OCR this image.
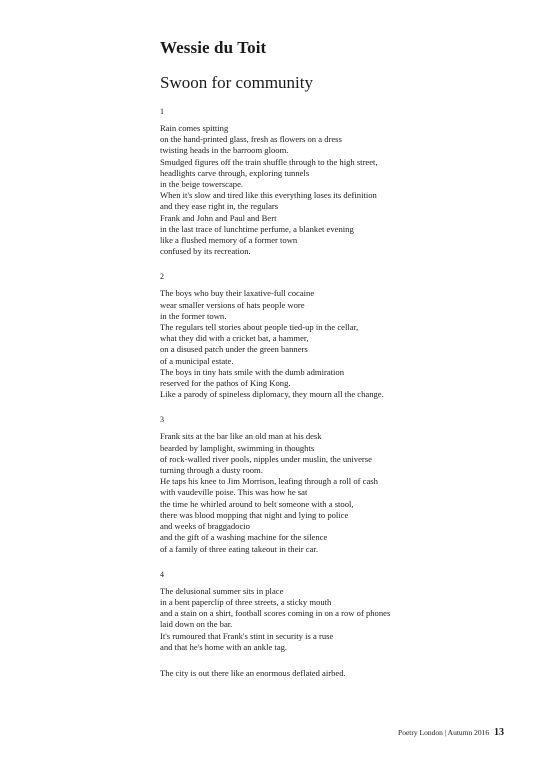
Wessie du Toit
Swoon for community
1

Rain comes spitting

on the hand-printed glass, fresh as flowers on a dress

twisting heads in the barroom gloom.

Smudged figures off the train shuffle through to the high street,

headlights carve through, exploring tunnels

in the beige towerscape.

When it's slow and tired like this everything loses its definition

and they ease right in, the regulars

Frank and John and Paul and Bert

in the last trace of lunchtime perfume, a blanket evening

like a flushed memory of a former town

confused by its recreation.

2

The boys who buy their laxative-full cocaine

wear smaller versions of hats people wore

in the former town.

The regulars tell stories about people tied-up in the cellar,

what they did with a cricket bat, a hammer,

on a disused patch under the green banners

of a municipal estate.

The boys in tiny hats smile with the dumb admiration

reserved for the pathos of King Kong.

Like a parody of spineless diplomacy, they mourn all the change.

3

Frank sits at the bar like an old man at his desk

bearded by lamplight, swimming in thoughts

of rock-walled river pools, nipples under muslin, the universe

turning through a dusty room.

He taps his knee to Jim Morrison, leafing through a roll of cash

with vaudeville poise. This was how he sat

the time he whirled around to belt someone with a stool,

there was blood mopping that night and lying to police

and weeks of braggadocio

and the gift of a washing machine for the silence

of a family of three eating takeout in their car.

4

The delusional summer sits in place

in a bent paperclip of three streets, a sticky mouth

and a stain on a shirt, football scores coming in on a row of phones

laid down on the bar.

It's rumoured that Frank's stint in security is a ruse

and that he's home with an ankle tag.

The city is out there like an enormous deflated airbed.

Poetry London | Autumn 2016 13
